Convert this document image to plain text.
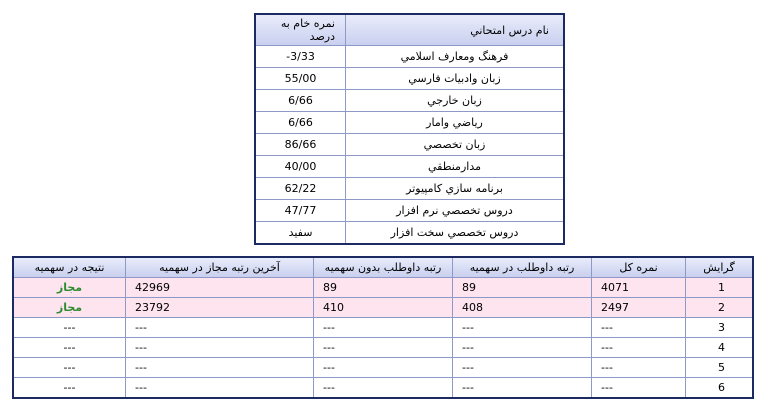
نام درس امتحاني	نمره خام به درصد
فرهنگ ومعارف اسلامي	3/33-
زبان وادبيات فارسي	55/00
زبان خارجي	6/66
رياضي وامار	6/66
زبان تخصصي	86/66
مدارمنطقي	40/00
برنامه سازي كامپيوتر	62/22
دروس تخصصي نرم افزار	47/77
دروس تخصصي سخت افزار	سفيد
گرايش	نمره كل	رتبه داوطلب در سهميه	رتبه داوطلب بدون سهميه	آخرين رتبه مجاز در سهميه	نتيجه در سهميه
1	4071	89	89	42969	مجاز
2	2497	408	410	23792	مجاز
3	---	---	---	---	---
4	---	---	---	---	---
5	---	---	---	---	---
6	---	---	---	---	---
